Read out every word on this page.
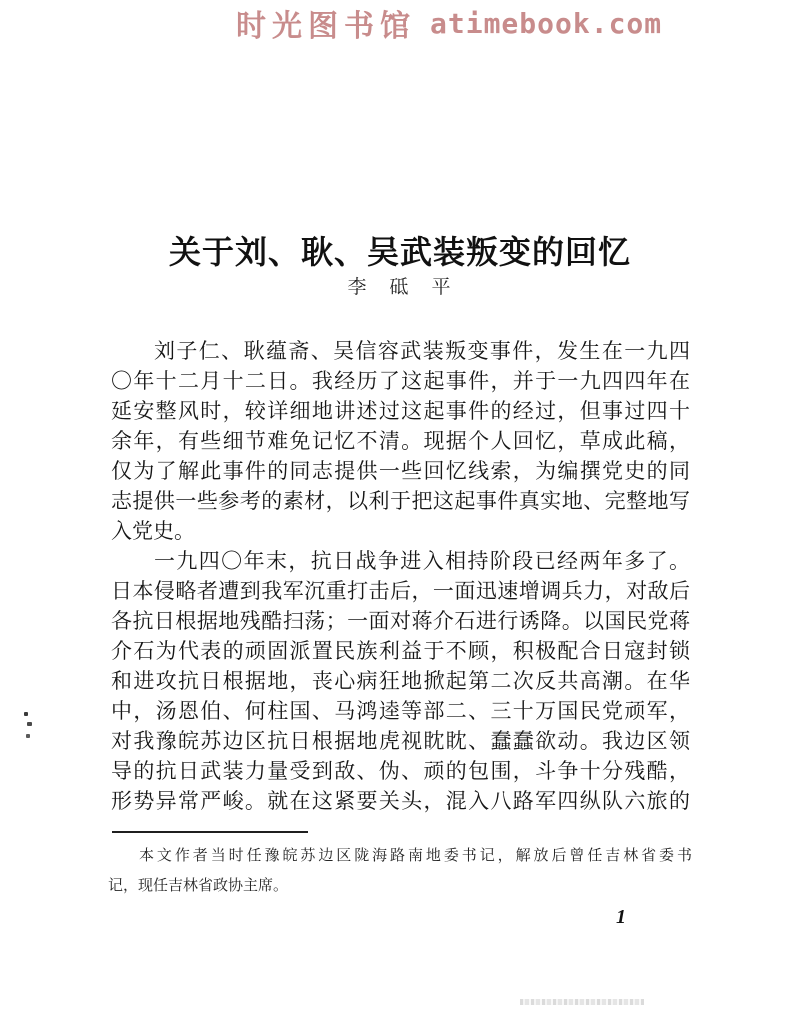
时光图书馆 atimebook.com
关于刘、耿、吴武装叛变的回忆
李　砥　平
刘子仁、耿蕴斋、吴信容武装叛变事件，发生在一九四
〇年十二月十二日。我经历了这起事件，并于一九四四年在
延安整风时，较详细地讲述过这起事件的经过，但事过四十
余年，有些细节难免记忆不清。现据个人回忆，草成此稿，
仅为了解此事件的同志提供一些回忆线索，为编撰党史的同
志提供一些参考的素材，以利于把这起事件真实地、完整地写
入党史。
一九四〇年末，抗日战争进入相持阶段已经两年多了。
日本侵略者遭到我军沉重打击后，一面迅速增调兵力，对敌后
各抗日根据地残酷扫荡；一面对蒋介石进行诱降。以国民党蒋
介石为代表的顽固派置民族利益于不顾，积极配合日寇封锁
和进攻抗日根据地，丧心病狂地掀起第二次反共高潮。在华
中，汤恩伯、何柱国、马鸿逵等部二、三十万国民党顽军，
对我豫皖苏边区抗日根据地虎视眈眈、蠢蠢欲动。我边区领
导的抗日武装力量受到敌、伪、顽的包围，斗争十分残酷，
形势异常严峻。就在这紧要关头，混入八路军四纵队六旅的
本文作者当时任豫皖苏边区陇海路南地委书记，解放后曾任吉林省委书
记，现任吉林省政协主席。
1
